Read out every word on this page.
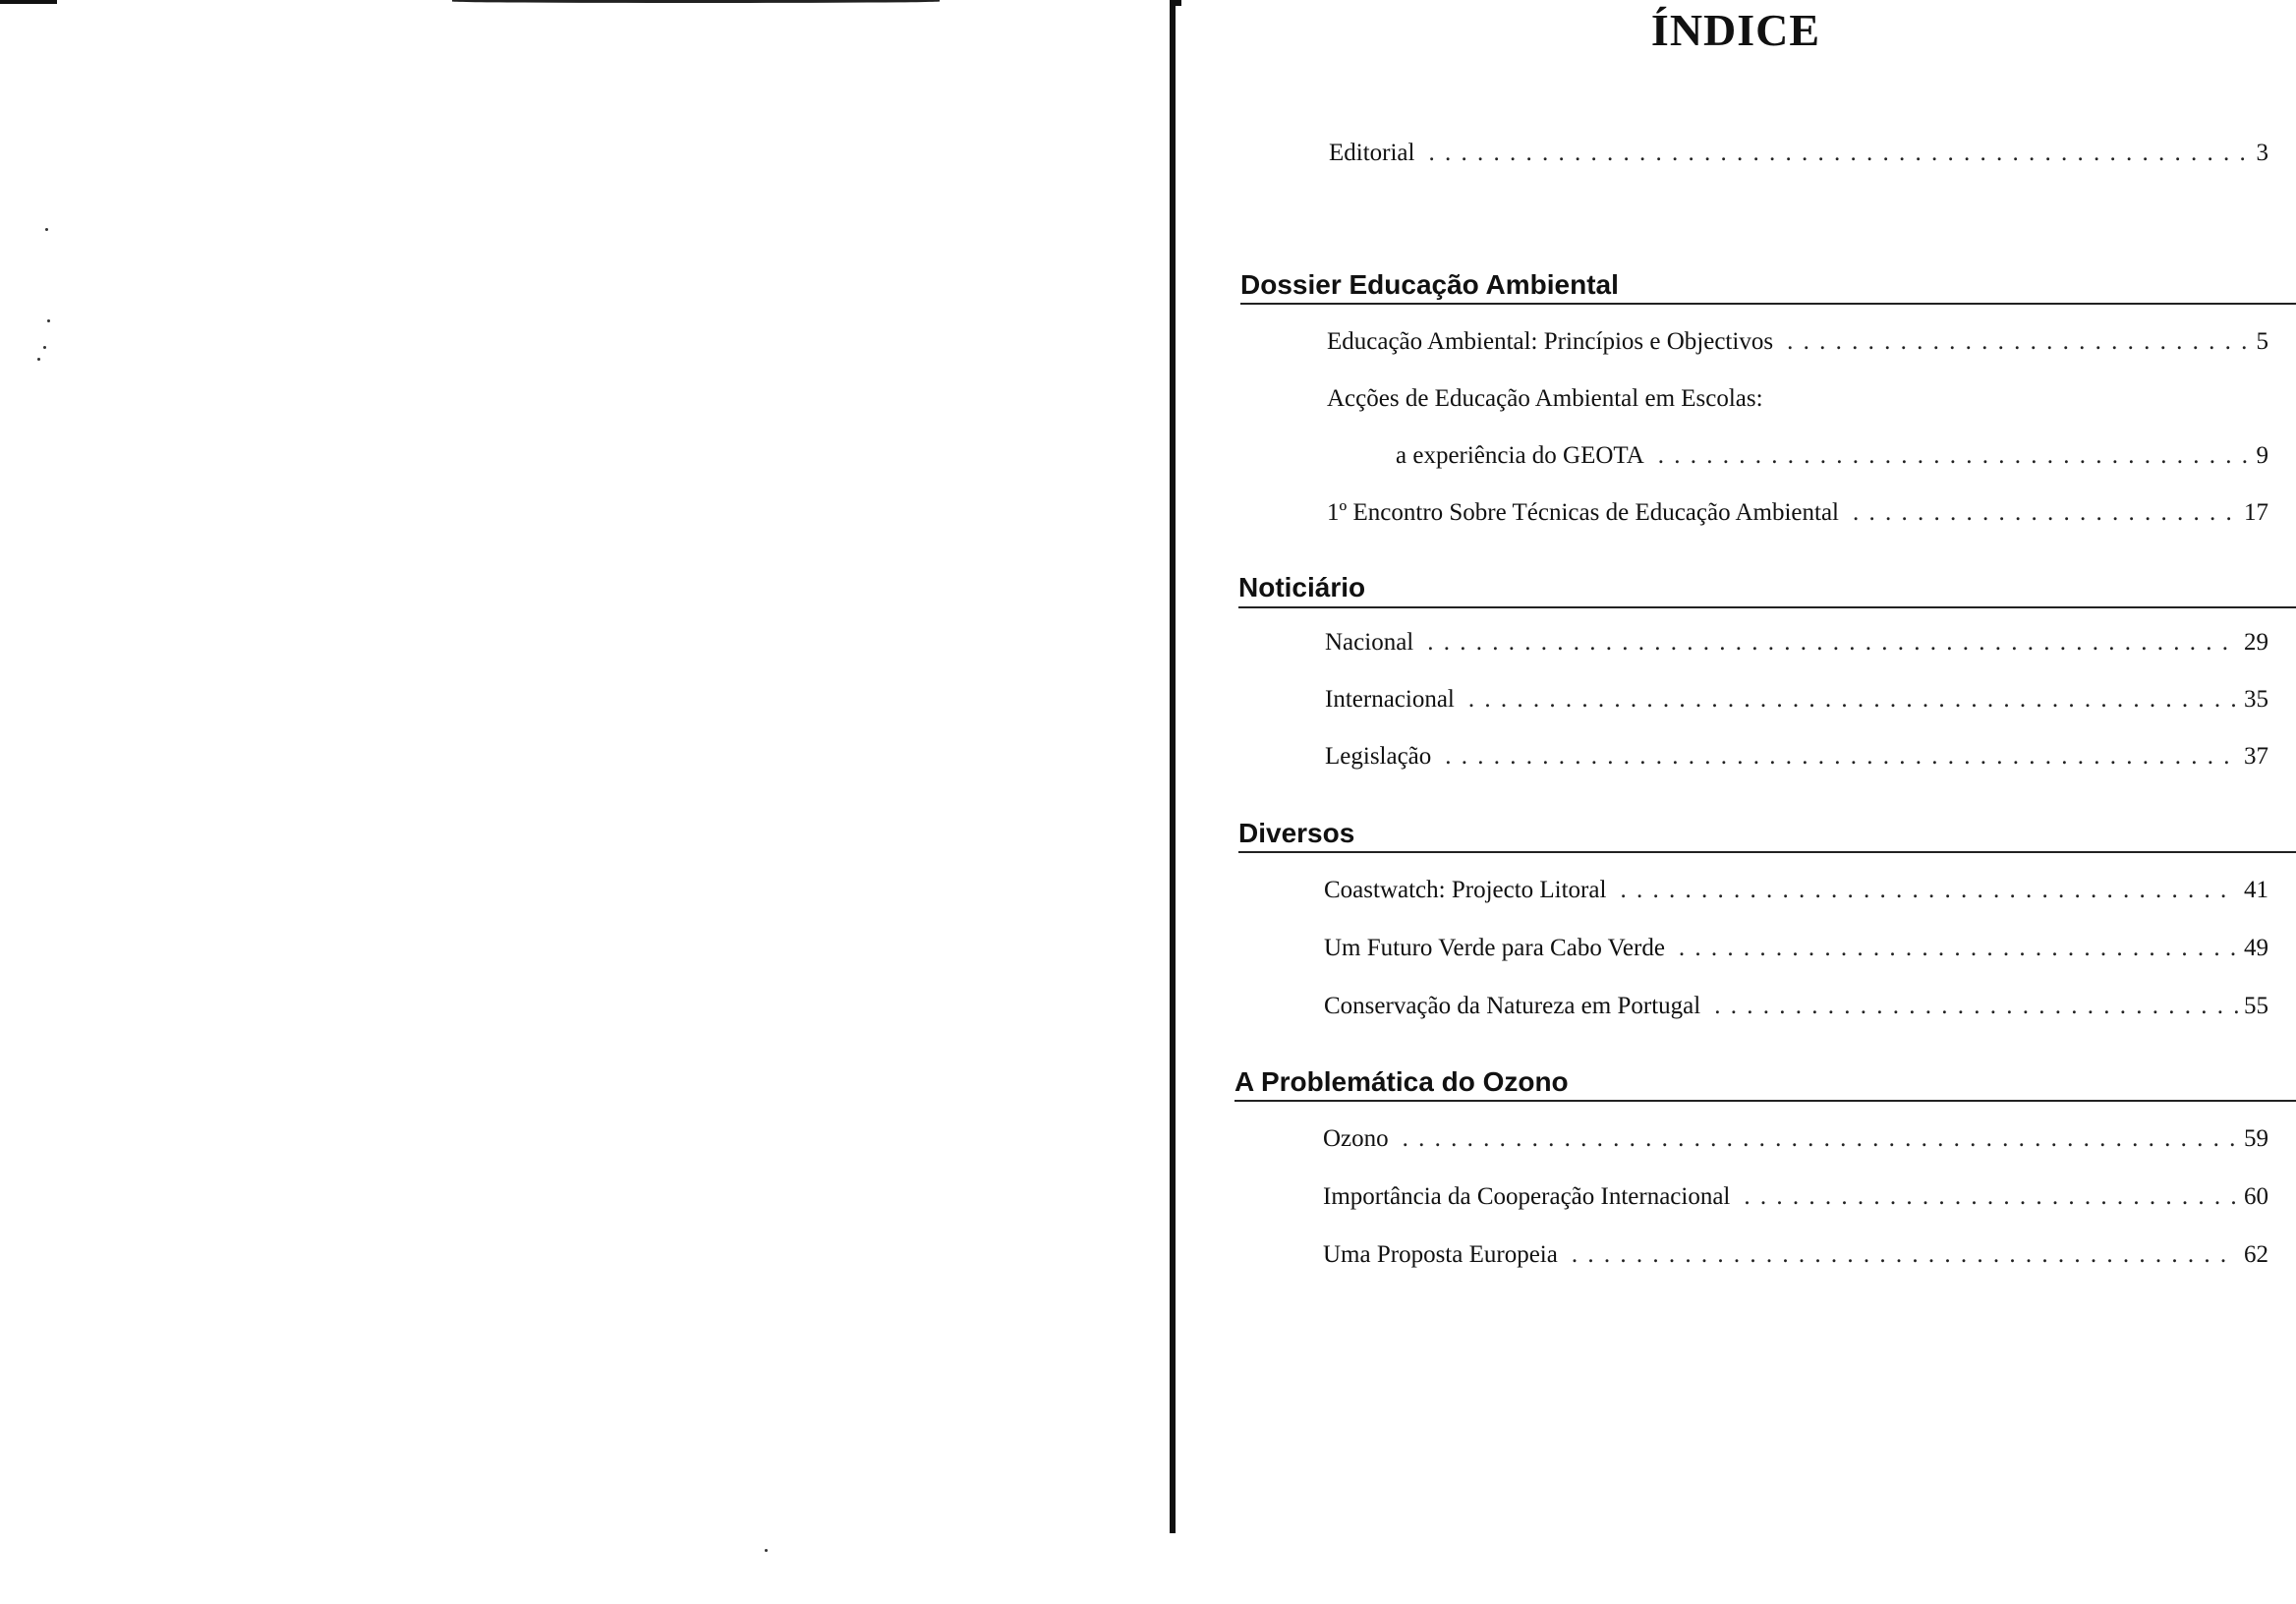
ÍNDICE
Editorial . . .	3
Dossier Educação Ambiental
Educação Ambiental: Princípios e Objectivos . . .	5
Acções de Educação Ambiental em Escolas:
a experiência do GEOTA . . .	9
1º Encontro Sobre Técnicas de Educação Ambiental . . .	17
Noticiário
Nacional . . .	29
Internacional . . .	35
Legislação . . .	37
Diversos
Coastwatch: Projecto Litoral . . .	41
Um Futuro Verde para Cabo Verde . . .	49
Conservação da Natureza em Portugal . . .	55
A Problemática do Ozono
Ozono . . .	59
Importância da Cooperação Internacional . . .	60
Uma Proposta Europeia . . .	62
